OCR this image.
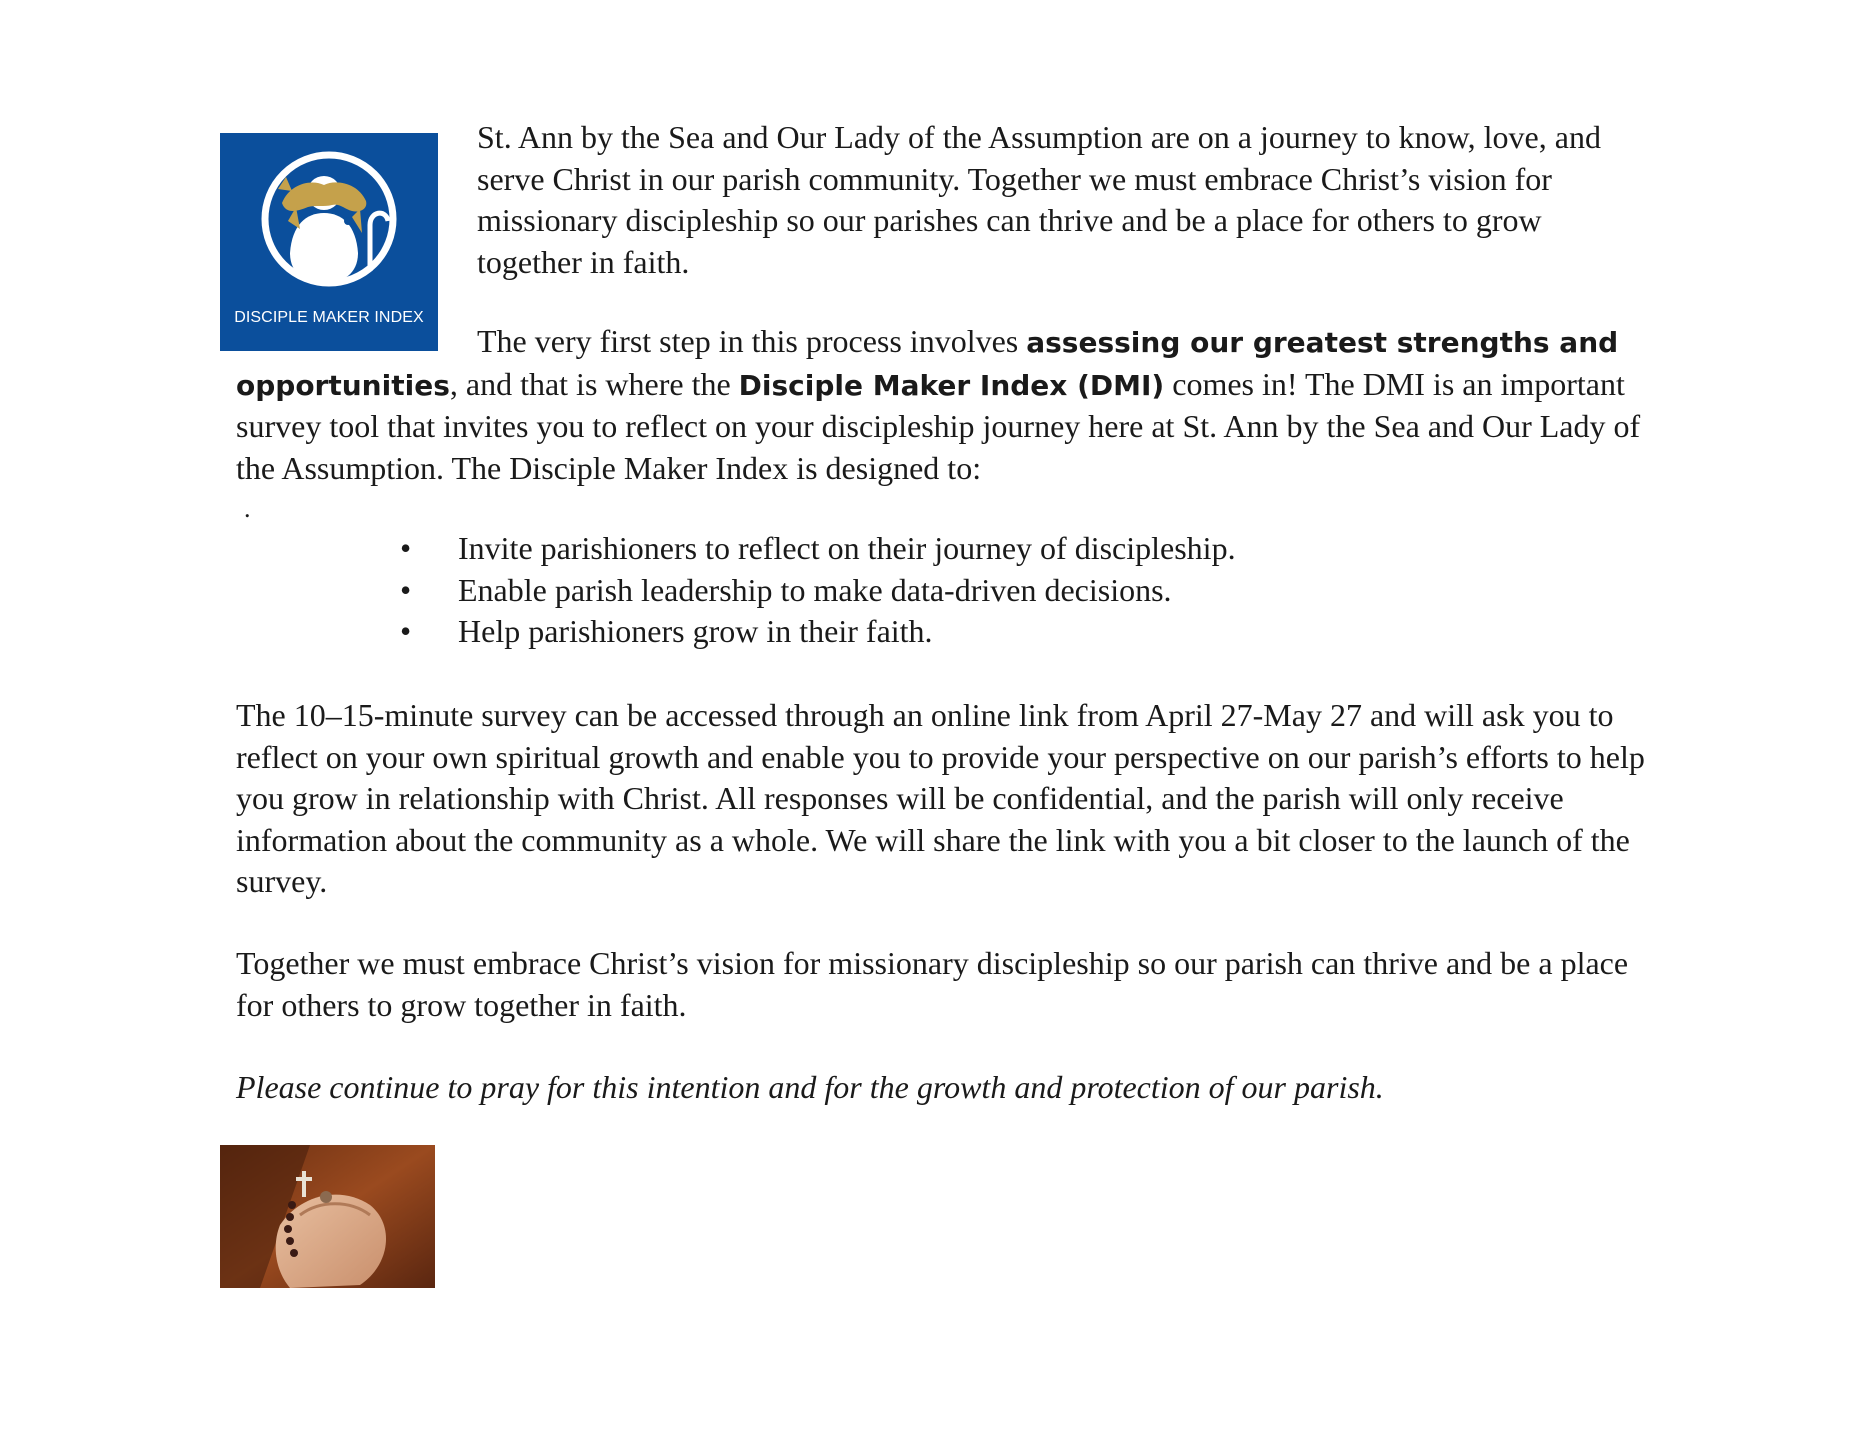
DISCIPLE MAKER INDEX

St. Ann by the Sea and Our Lady of the Assumption are on a journey to know, love, and serve Christ in our parish community. Together we must embrace Christ’s vision for missionary discipleship so our parishes can thrive and be a place for others to grow together in faith.

The very first step in this process involves assessing our greatest strengths and opportunities, and that is where the Disciple Maker Index (DMI) comes in! The DMI is an important survey tool that invites you to reflect on your discipleship journey here at St. Ann by the Sea and Our Lady of the Assumption. The Disciple Maker Index is designed to:

.
• Invite parishioners to reflect on their journey of discipleship.
• Enable parish leadership to make data-driven decisions.
• Help parishioners grow in their faith.

The 10–15-minute survey can be accessed through an online link from April 27-May 27 and will ask you to reflect on your own spiritual growth and enable you to provide your perspective on our parish’s efforts to help you grow in relationship with Christ. All responses will be confidential, and the parish will only receive information about the community as a whole. We will share the link with you a bit closer to the launch of the survey.

Together we must embrace Christ’s vision for missionary discipleship so our parish can thrive and be a place for others to grow together in faith.

Please continue to pray for this intention and for the growth and protection of our parish.
